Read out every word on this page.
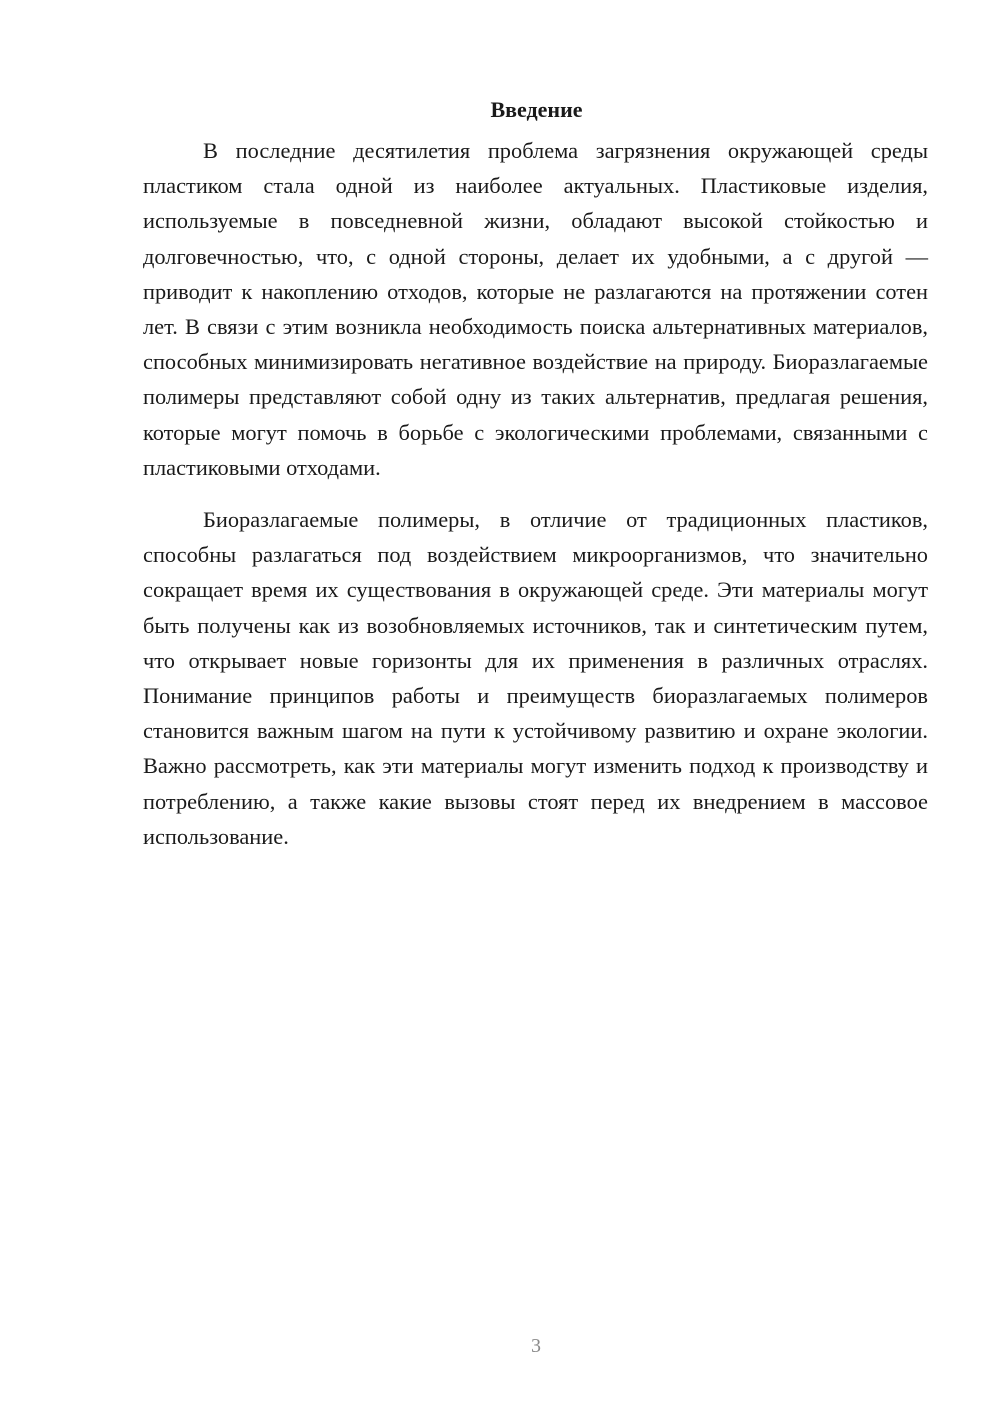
Введение

В последние десятилетия проблема загрязнения окружающей среды пластиком стала одной из наиболее актуальных. Пластиковые изделия, используемые в повседневной жизни, обладают высокой стойкостью и долговечностью, что, с одной стороны, делает их удобными, а с другой — приводит к накоплению отходов, которые не разлагаются на протяжении сотен лет. В связи с этим возникла необходимость поиска альтернативных материалов, способных минимизировать негативное воздействие на природу. Биоразлагаемые полимеры представляют собой одну из таких альтернатив, предлагая решения, которые могут помочь в борьбе с экологическими проблемами, связанными с пластиковыми отходами.

Биоразлагаемые полимеры, в отличие от традиционных пластиков, способны разлагаться под воздействием микроорганизмов, что значительно сокращает время их существования в окружающей среде. Эти материалы могут быть получены как из возобновляемых источников, так и синтетическим путем, что открывает новые горизонты для их применения в различных отраслях. Понимание принципов работы и преимуществ биоразлагаемых полимеров становится важным шагом на пути к устойчивому развитию и охране экологии. Важно рассмотреть, как эти материалы могут изменить подход к производству и потреблению, а также какие вызовы стоят перед их внедрением в массовое использование.

3
